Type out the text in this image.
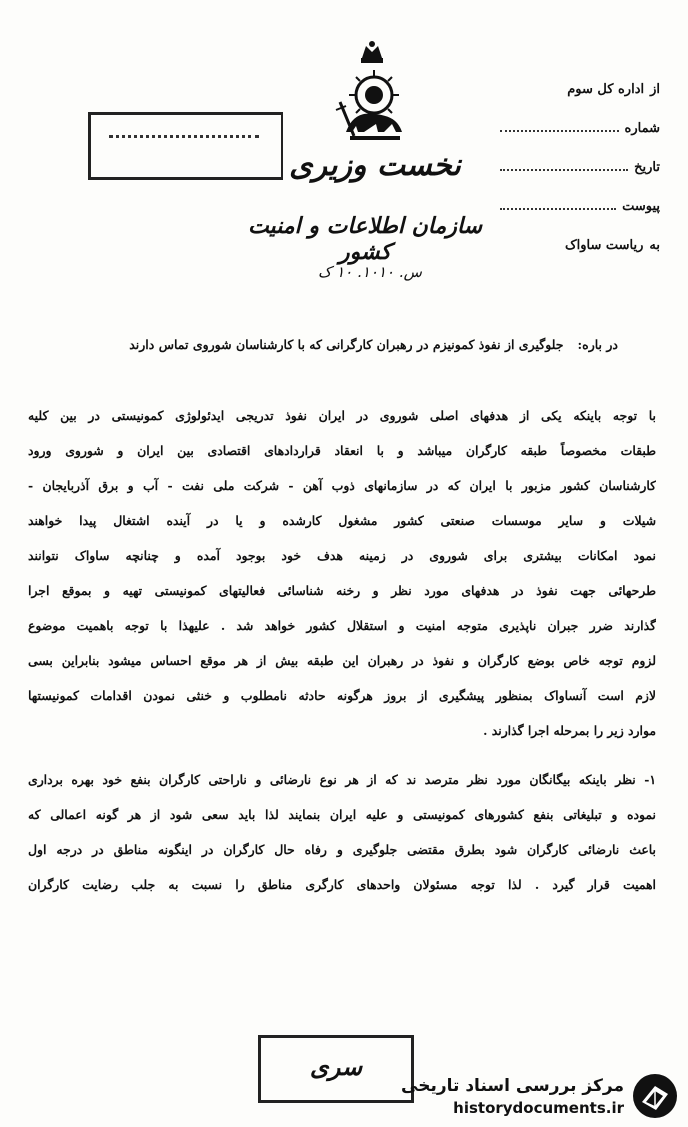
نخست وزیری
سازمان اطلاعات و امنیت کشور
س. ۱۰۱۰. ۱۰ ک
از
اداره کل سوم
شماره
تاریخ
پیوست
به
ریاست ساواک
در باره:جلوگیری از نفوذ کمونیزم در رهبران کارگرانی که با کارشناسان شوروی تماس دارند
با توجه باینکه یکی از هدفهای اصلی شوروی در ایران نفوذ تدریجی ایدئولوژی کمونیستی در بین کلیه
طبقات مخصوصاً طبقه کارگران میباشد و با انعقاد قراردادهای اقتصادی بین ایران و شوروی ورود
کارشناسان کشور مزبور با ایران که در سازمانهای ذوب آهن - شرکت ملی نفت - آب و برق آذربایجان -
شیلات و سایر موسسات صنعتی کشور مشغول کارشده و یا در آینده اشتغال پیدا خواهند
نمود امکانات بیشتری برای شوروی در زمینه هدف خود بوجود آمده و چنانچه ساواک نتوانند
طرحهائی جهت نفوذ در هدفهای مورد نظر و رخنه شناسائی فعالیتهای کمونیستی تهیه و بموقع اجرا
گذارند ضرر جبران ناپذیری متوجه امنیت و استقلال کشور خواهد شد . علیهذا با توجه باهمیت موضوع
لزوم توجه خاص بوضع کارگران و نفوذ در رهبران این طبقه بیش از هر موقع احساس میشود بنابراین بسی
لازم است آنساواک بمنظور پیشگیری از بروز هرگونه حادثه نامطلوب و خنثی نمودن اقدامات کمونیستها
موارد زیر را بمرحله اجرا گذارند .
۱- نظر باینکه بیگانگان مورد نظر مترصد ند که از هر نوع نارضائی و ناراحتی کارگران بنفع خود بهره برداری
نموده و تبلیغاتی بنفع کشورهای کمونیستی و علیه ایران بنمایند لذا باید سعی شود از هر گونه اعمالی که
باعث نارضائی کارگران شود بطرق مقتضی جلوگیری و رفاه حال کارگران در اینگونه مناطق در درجه اول
اهمیت قرار گیرد . لذا توجه مسئولان واحدهای کارگری مناطق را نسبت به جلب رضایت کارگران
سری
مرکز بررسی اسناد تاریخی
historydocuments.ir
